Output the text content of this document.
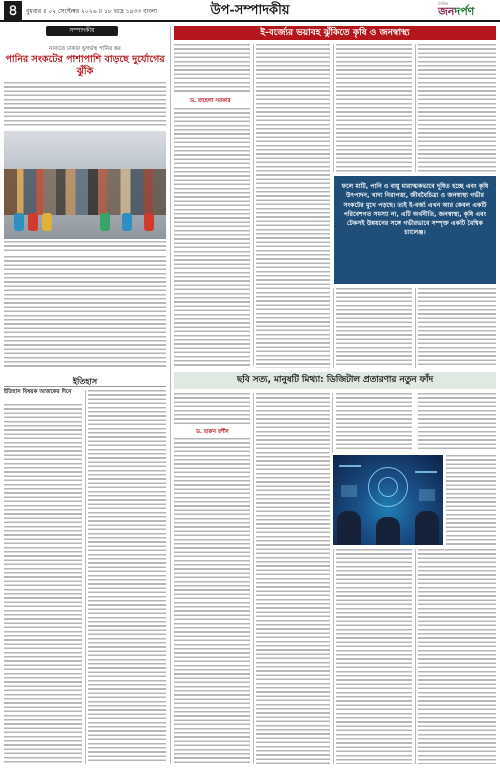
৪	বুধবার ॥ ০২ সেপ্টেম্বর ২০২৬ ॥ ১৮ ভাদ্র ১৪৩৩ বাংলা	উপ-সম্পাদকীয়	দৈনিক
জনদর্পণ
সম্পাদকীয়
নাব্যতে ঢাকার ভূগর্ভস্থ পানির স্তর
পানির সংকটের পাশাপাশি বাড়ছে দুর্যোগের ঝুঁকি
ইতিহাস
ইতিহাস বিষয়ক আজকের দিনে
ই-বর্জ্যের ভয়াবহ ঝুঁকিতে কৃষি ও জনস্বাস্থ্য
ড. রাহেলা সরকার
ফলে মাটি, পানি ও বায়ু মারাত্মকভাবে দূষিত হচ্ছে এবং কৃষি উৎপাদন, খাদ্য নিরাপত্তা, জীববৈচিত্র্য ও জনস্বাস্থ্য গভীর সংকটের মুখে পড়ছে। তাই ই-বর্জ্য এখন আর কেবল একটি পরিবেশগত সমস্যা না, এটি অর্থনীতি, জনস্বাস্থ্য, কৃষি এবং টেকসই উন্নয়নের সঙ্গে গভীরভাবে সম্পৃক্ত একটি বৈশ্বিক চ্যালেঞ্জ।
ছবি সত্য, মানুষটি মিথ্যা: ডিজিটাল প্রতারণার নতুন ফাঁদ
ড. হারুন রশীদ
